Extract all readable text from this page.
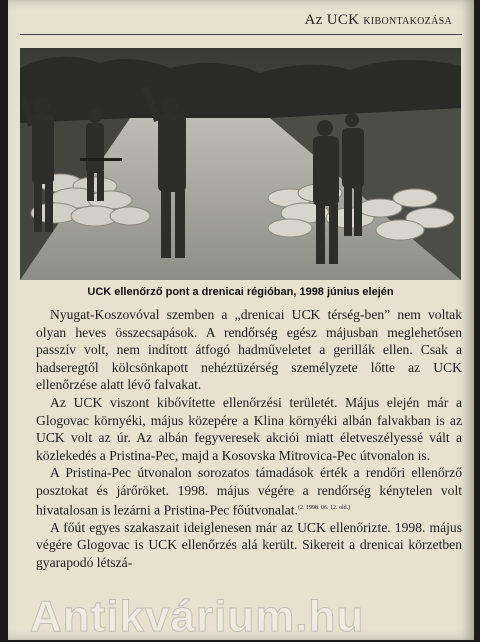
Az UCK kibontakozása
UCK ellenőrző pont a drenicai régióban, 1998 június elején

Nyugat-Koszovóval szemben a „drenicai UCK térség-ben” nem voltak olyan heves összecsapások. A rendőrség egész májusban meglehetősen passzív volt, nem indított átfogó hadműveletet a gerillák ellen. Csak a hadseregtől kölcsönkapott nehéztüzérség személyzete lőtte az UCK ellenőrzése alatt lévő falvakat.

Az UCK viszont kibővítette ellenőrzési területét. Május elején már a Glogovac környéki, május közepére a Klina környéki albán falvakban is az UCK volt az úr. Az albán fegyveresek akciói miatt életveszélyessé vált a közlekedés a Pristina-Pec, majd a Kosovska Mitrovica-Pec útvonalon is.

A Pristina-Pec útvonalon sorozatos támadások érték a rendőri ellenőrző posztokat és járőröket. 1998. május végére a rendőrség kénytelen volt hivatalosan is lezárni a Pristina-Pec főútvonalat.$^{(2. 1998. 06. 12. old.)}$

A főút egyes szakaszait ideiglenesen már az UCK ellenőrizte. 1998. május végére Glogovac is UCK ellenőrzés alá került. Sikereit a drenicai körzetben gyarapodó létszá-

Antikvárium.hu
